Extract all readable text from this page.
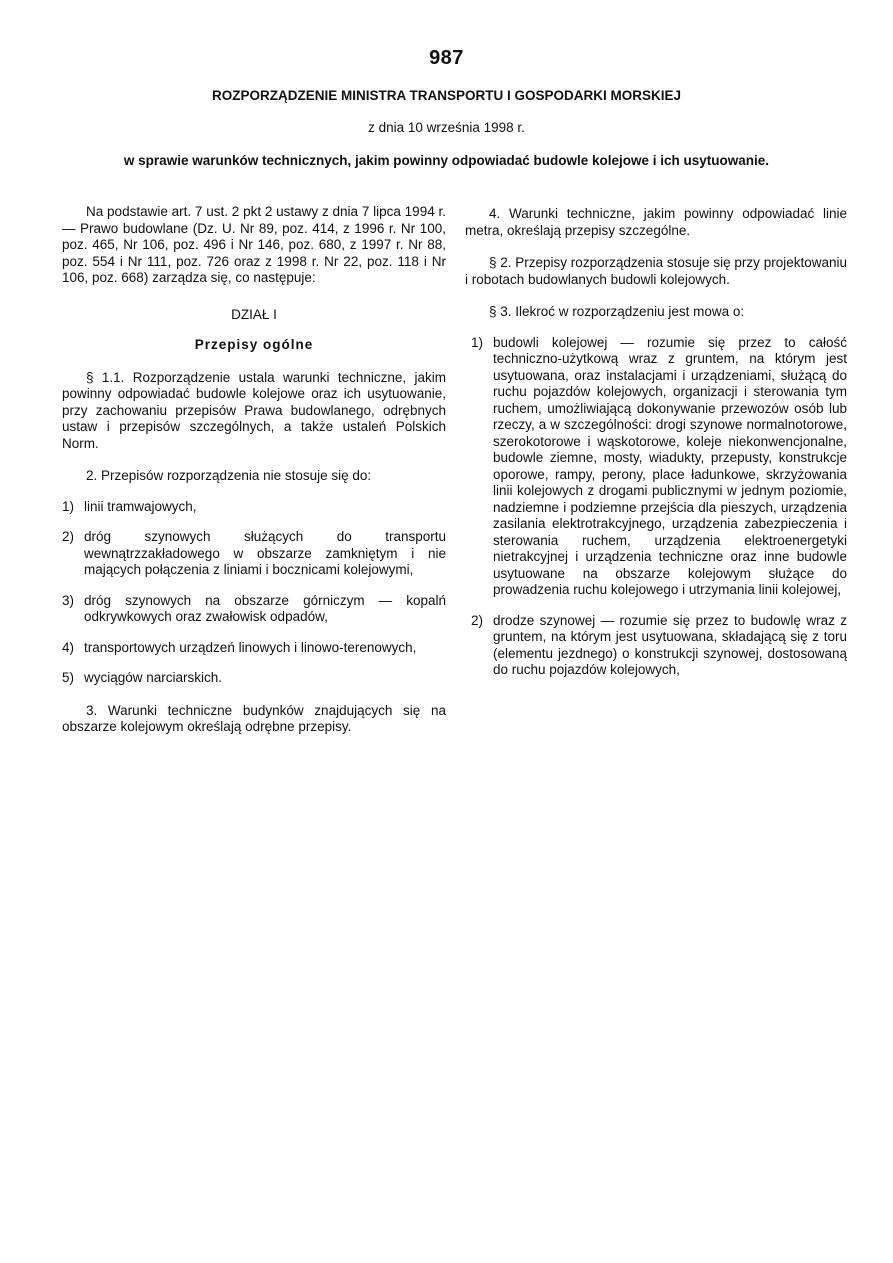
987
ROZPORZĄDZENIE MINISTRA TRANSPORTU I GOSPODARKI MORSKIEJ
z dnia 10 września 1998 r.
w sprawie warunków technicznych, jakim powinny odpowiadać budowle kolejowe i ich usytuowanie.

Na podstawie art. 7 ust. 2 pkt 2 ustawy z dnia 7 lipca 1994 r. — Prawo budowlane (Dz. U. Nr 89, poz. 414, z 1996 r. Nr 100, poz. 465, Nr 106, poz. 496 i Nr 146, poz. 680, z 1997 r. Nr 88, poz. 554 i Nr 111, poz. 726 oraz z 1998 r. Nr 22, poz. 118 i Nr 106, poz. 668) zarządza się, co następuje:

DZIAŁ I
Przepisy ogólne

§ 1.1. Rozporządzenie ustala warunki techniczne, jakim powinny odpowiadać budowle kolejowe oraz ich usytuowanie, przy zachowaniu przepisów Prawa budowlanego, odrębnych ustaw i przepisów szczególnych, a także ustaleń Polskich Norm.

2. Przepisów rozporządzenia nie stosuje się do:

1) linii tramwajowych,
2) dróg szynowych służących do transportu wewnątrzzakładowego w obszarze zamkniętym i nie mających połączenia z liniami i bocznicami kolejowymi,
3) dróg szynowych na obszarze górniczym — kopalń odkrywkowych oraz zwałowisk odpadów,
4) transportowych urządzeń linowych i linowo-terenowych,
5) wyciągów narciarskich.

3. Warunki techniczne budynków znajdujących się na obszarze kolejowym określają odrębne przepisy.

4. Warunki techniczne, jakim powinny odpowiadać linie metra, określają przepisy szczególne.

§ 2. Przepisy rozporządzenia stosuje się przy projektowaniu i robotach budowlanych budowli kolejowych.

§ 3. Ilekroć w rozporządzeniu jest mowa o:

1) budowli kolejowej — rozumie się przez to całość techniczno-użytkową wraz z gruntem, na którym jest usytuowana, oraz instalacjami i urządzeniami, służącą do ruchu pojazdów kolejowych, organizacji i sterowania tym ruchem, umożliwiającą dokonywanie przewozów osób lub rzeczy, a w szczególności: drogi szynowe normalnotorowe, szerokotorowe i wąskotorowe, koleje niekonwencjonalne, budowle ziemne, mosty, wiadukty, przepusty, konstrukcje oporowe, rampy, perony, place ładunkowe, skrzyżowania linii kolejowych z drogami publicznymi w jednym poziomie, nadziemne i podziemne przejścia dla pieszych, urządzenia zasilania elektrotrakcyjnego, urządzenia zabezpieczenia i sterowania ruchem, urządzenia elektroenergetyki nietrakcyjnej i urządzenia techniczne oraz inne budowle usytuowane na obszarze kolejowym służące do prowadzenia ruchu kolejowego i utrzymania linii kolejowej,
2) drodze szynowej — rozumie się przez to budowlę wraz z gruntem, na którym jest usytuowana, składającą się z toru (elementu jezdnego) o konstrukcji szynowej, dostosowaną do ruchu pojazdów kolejowych,
